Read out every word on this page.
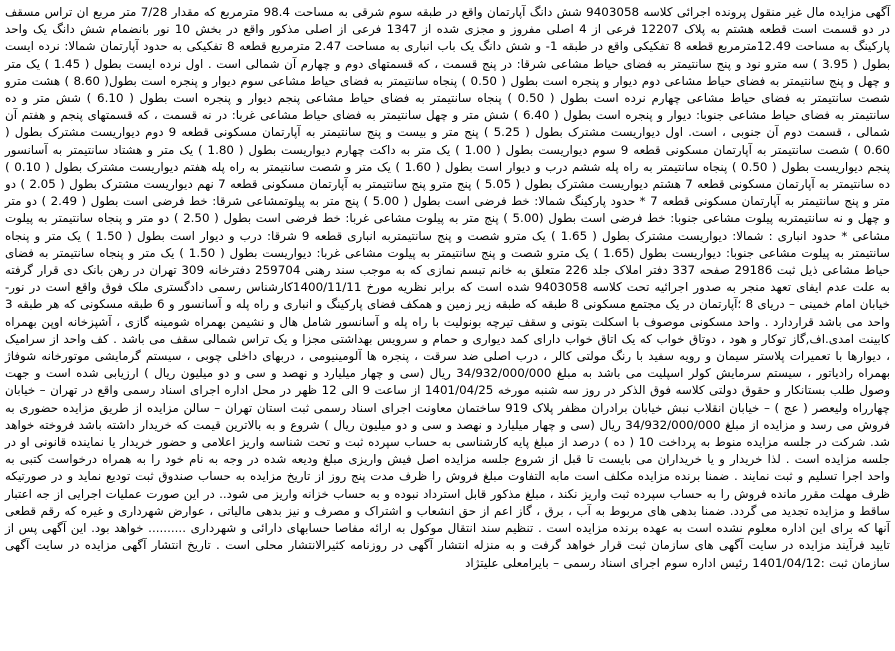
آگهی مزایده مال غیر منقول پرونده اجرائی کلاسه 9403058 شش دانگ آپارتمان واقع در طبقه سوم شرقی به مساحت 98.4 مترمربع که مقدار 7/28 متر مربع ان تراس مسقف در دو قسمت است قطعه هشتم به پلاک 12207 فرعی از 4 اصلی مفروز و مجزی شده از 1347 فرعی از اصلی مذکور واقع در بخش 10 نور بانضمام شش دانگ یک واحد پارکینگ به مساحت 12.49مترمربع قطعه 8 تفکیکی واقع در طبقه 1- و شش دانگ یک باب انباری به مساحت 2.47 مترمربع قطعه 8 تفکیکی به حدود آپارتمان شمالا: نرده ایست بطول ( 3.95 ) سه مترو نود و پنج سانتیمتر به فضای حیاط مشاعی شرقا: در پنج قسمت ، که قسمتهای دوم و چهارم آن شمالی است . اول نرده ایست بطول ( 1.45 ) یک متر و چهل و پنج سانتیمتر به فضای حیاط مشاعی دوم دیوار و پنجره است بطول ( 0.50 ) پنجاه سانتیمتر به فضای حیاط مشاعی سوم دیوار و پنجره است بطول( 8.60 ) هشت مترو شصت سانتیمتر به فضای حیاط مشاعی چهارم نرده است بطول ( 0.50 ) پنجاه سانتیمتر به فضای حیاط مشاعی پنجم دیوار و پنجره است بطول ( 6.10 ) شش متر و ده سانتیمتر به فضای حیاط مشاعی جنوبا: دیوار و پنجره است بطول ( 6.40 ) شش متر و چهل سانتیمتر به فضای حیاط مشاعی غربا: در نه قسمت ، که قسمتهای پنجم و هفتم آن شمالی ، قسمت دوم آن جنوبی ، است. اول دیواریست مشترک بطول ( 5.25 ) پنج متر و بیست و پنج سانتیمتر به آپارتمان مسکونی قطعه 9 دوم دیواریست مشترک بطول ( 0.60 ) شصت سانتیمتر به آپارتمان مسکونی قطعه 9 سوم دیواریست بطول ( 1.00 ) یک متر به داکت چهارم دیواریست بطول ( 1.80 ) یک متر و هشتاد سانتیمتر به آسانسور پنجم دیواریست بطول ( 0.50 ) پنجاه سانتیمتر به راه پله ششم درب و دیوار است بطول ( 1.60 ) یک متر و شصت سانتیمتر به راه پله هفتم دیواریست مشترک بطول ( 0.10 ) ده سانتیمتر به آپارتمان مسکونی قطعه 7 هشتم دیواریست مشترک بطول ( 5.05 ) پنج مترو پنج سانتیمتر به آپارتمان مسکونی قطعه 7 نهم دیواریست مشترک بطول ( 2.05 ) دو متر و پنج سانتیمتر به آپارتمان مسکونی قطعه 7 * حدود پارکینگ شمالا: خط فرضی است بطول ( 5.00 ) پنج متر به پیلوتمشاعی شرقا: خط فرضی است بطول ( 2.49 ) دو متر و چهل و نه سانتیمتربه پیلوت مشاعی جنوبا: خط فرضی است بطول (5.00 ) پنج متر به پیلوت مشاعی غربا: خط فرضی است بطول ( 2.50 ) دو متر و پنجاه سانتیمتر به پیلوت مشاعی * حدود انباری : شمالا: دیواریست مشترک بطول ( 1.65 ) یک مترو شصت و پنج سانتیمتربه انباری قطعه 9 شرقا: درب و دیوار است بطول ( 1.50 ) یک متر و پنجاه سانتیمتر به پیلوت مشاعی جنوبا: دیواریست بطول (1.65 ) یک مترو شصت و پنج سانتیمتر به پیلوت مشاعی غربا: دیواریست بطول ( 1.50 ) یک متر و پنجاه سانتیمتر به فضای حیاط مشاعی ذیل ثبت 29186 صفحه 337 دفتر املاک جلد 226 متعلق به خانم تبسم نمازی که به موجب سند رهنی 259704 دفترخانه 309 تهران در رهن بانک دی قرار گرفته به علت عدم ایفای تعهد منجر به صدور اجرائیه تحت کلاسه 9403058 شده است که برابر نظریه مورخ 1400/11/11کارشناس رسمی دادگستری ملک فوق واقع است در نور- خیابان امام خمینی – دریای 8 ؛آپارتمان در یک مجتمع مسکونی 8 طبقه که طبقه زیر زمین و همکف فضای پارکینگ و انباری و راه پله و آسانسور و 6 طبقه مسکونی که هر طبقه 3 واحد می باشد قراردارد . واحد مسکونی موصوف با اسکلت بتونی و سقف تیرچه بونولیت با راه پله و آسانسور شامل هال و نشیمن بهمراه شومینه گازی ، آشپزخانه اوپن بهمراه کابینت امدی.اف,گاز توکار و هود ، دوتاق خواب که یک اتاق خواب دارای کمد دیواری و حمام و سرویس بهداشتی مجزا و یک تراس شمالی سقف می باشد . کف واحد از سرامیک ، دیوارها با تعمیرات پلاستر سیمان و رویه سفید با رنگ مولتی کالر ، درب اصلی ضد سرقت ، پنجره ها آلومینیومی ، دربهای داخلی چوبی ، سیستم گرمایشی موتورخانه شوفاژ بهمراه رادیاتور ، سیستم سرمایش کولر اسپلیت می باشد به مبلغ 34/932/000/000 ریال (سی و چهار میلیارد و نهصد و سی و دو میلیون ریال ) ارزیابی شده است و جهت وصول طلب بستانکار و حقوق دولتی کلاسه فوق الذکر در روز سه شنبه مورخه 1401/04/25 از ساعت 9 الی 12 ظهر در محل اداره اجرای اسناد رسمی واقع در تهران – خیابان چهارراه ولیعصر ( عج ) – خیابان انقلاب نبش خیابان برادران مظفر پلاک 919 ساختمان معاونت اجرای اسناد رسمی ثبت استان تهران – سالن مزایده از طریق مزایده حضوری به فروش می رسد و مزایده از مبلغ 34/932/000/000 ریال (سی و چهار میلیارد و نهصد و سی و دو میلیون ریال ) شروع و به بالاترین قیمت که خریدار داشته باشد فروخته خواهد شد. شرکت در جلسه مزایده منوط به پرداخت 10 ( ده ) درصد از مبلغ پایه کارشناسی به حساب سپرده ثبت و تحت شناسه واریز اعلامی و حضور خریدار یا نماینده قانونی او در جلسه مزایده است . لذا خریدار و یا خریداران می بایست تا قبل از شروع جلسه مزایده اصل فیش واریزی مبلغ ودیعه شده در وجه به نام خود را به همراه درخواست کتبی به واحد اجرا تسلیم و ثبت نمایند . ضمنا برنده مزایده مکلف است مابه التفاوت مبلغ فروش را ظرف مدت پنج روز از تاریخ مزایده به حساب صندوق ثبت تودیع نماید و در صورتیکه ظرف مهلت مقرر مانده فروش را به حساب سپرده ثبت واریز نکند ، مبلغ مذکور قابل استرداد نبوده و به حساب خزانه واریز می شود.. در این صورت عملیات اجرایی از جه اعتبار ساقط و مزایده تجدید می گردد. ضمنا بدهی های مربوط به آب ، برق ، گاز اعم از حق انشعاب و اشتراک و مصرف و نیز بدهی مالیاتی ، عوارض شهرداری و غیره که رقم قطعی آنها که برای این اداره معلوم نشده است به عهده برنده مزایده است . تنظیم سند انتقال موکول به ارائه مفاصا حسابهای دارائی و شهرداری .......... خواهد بود. این آگهی پس از تایید فرآیند مزایده در سایت آگهی های سازمان ثبت قرار خواهد گرفت و به منزله انتشار آگهی در روزنامه کثیرالانتشار محلی است . تاریخ انتشار آگهی مزایده در سایت آگهی سازمان ثبت :1401/04/12 رئیس اداره سوم اجرای اسناد رسمی – بایرامعلی علیتژاد
